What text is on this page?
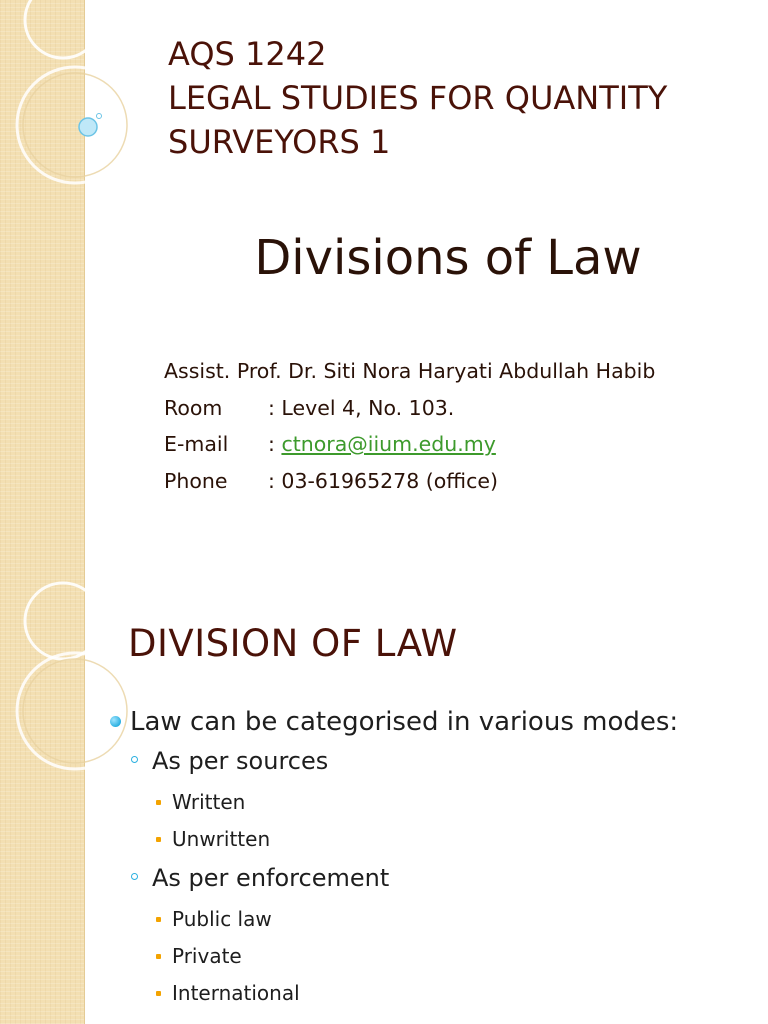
AQS 1242
LEGAL STUDIES FOR QUANTITY
SURVEYORS 1
Divisions of Law
Assist. Prof. Dr. Siti Nora Haryati Abdullah Habib
Room : Level 4, No. 103.
E-mail : ctnora@iium.edu.my
Phone : 03-61965278 (office)
DIVISION OF LAW
Law can be categorised in various modes:
As per sources
Written
Unwritten
As per enforcement
Public law
Private
International
